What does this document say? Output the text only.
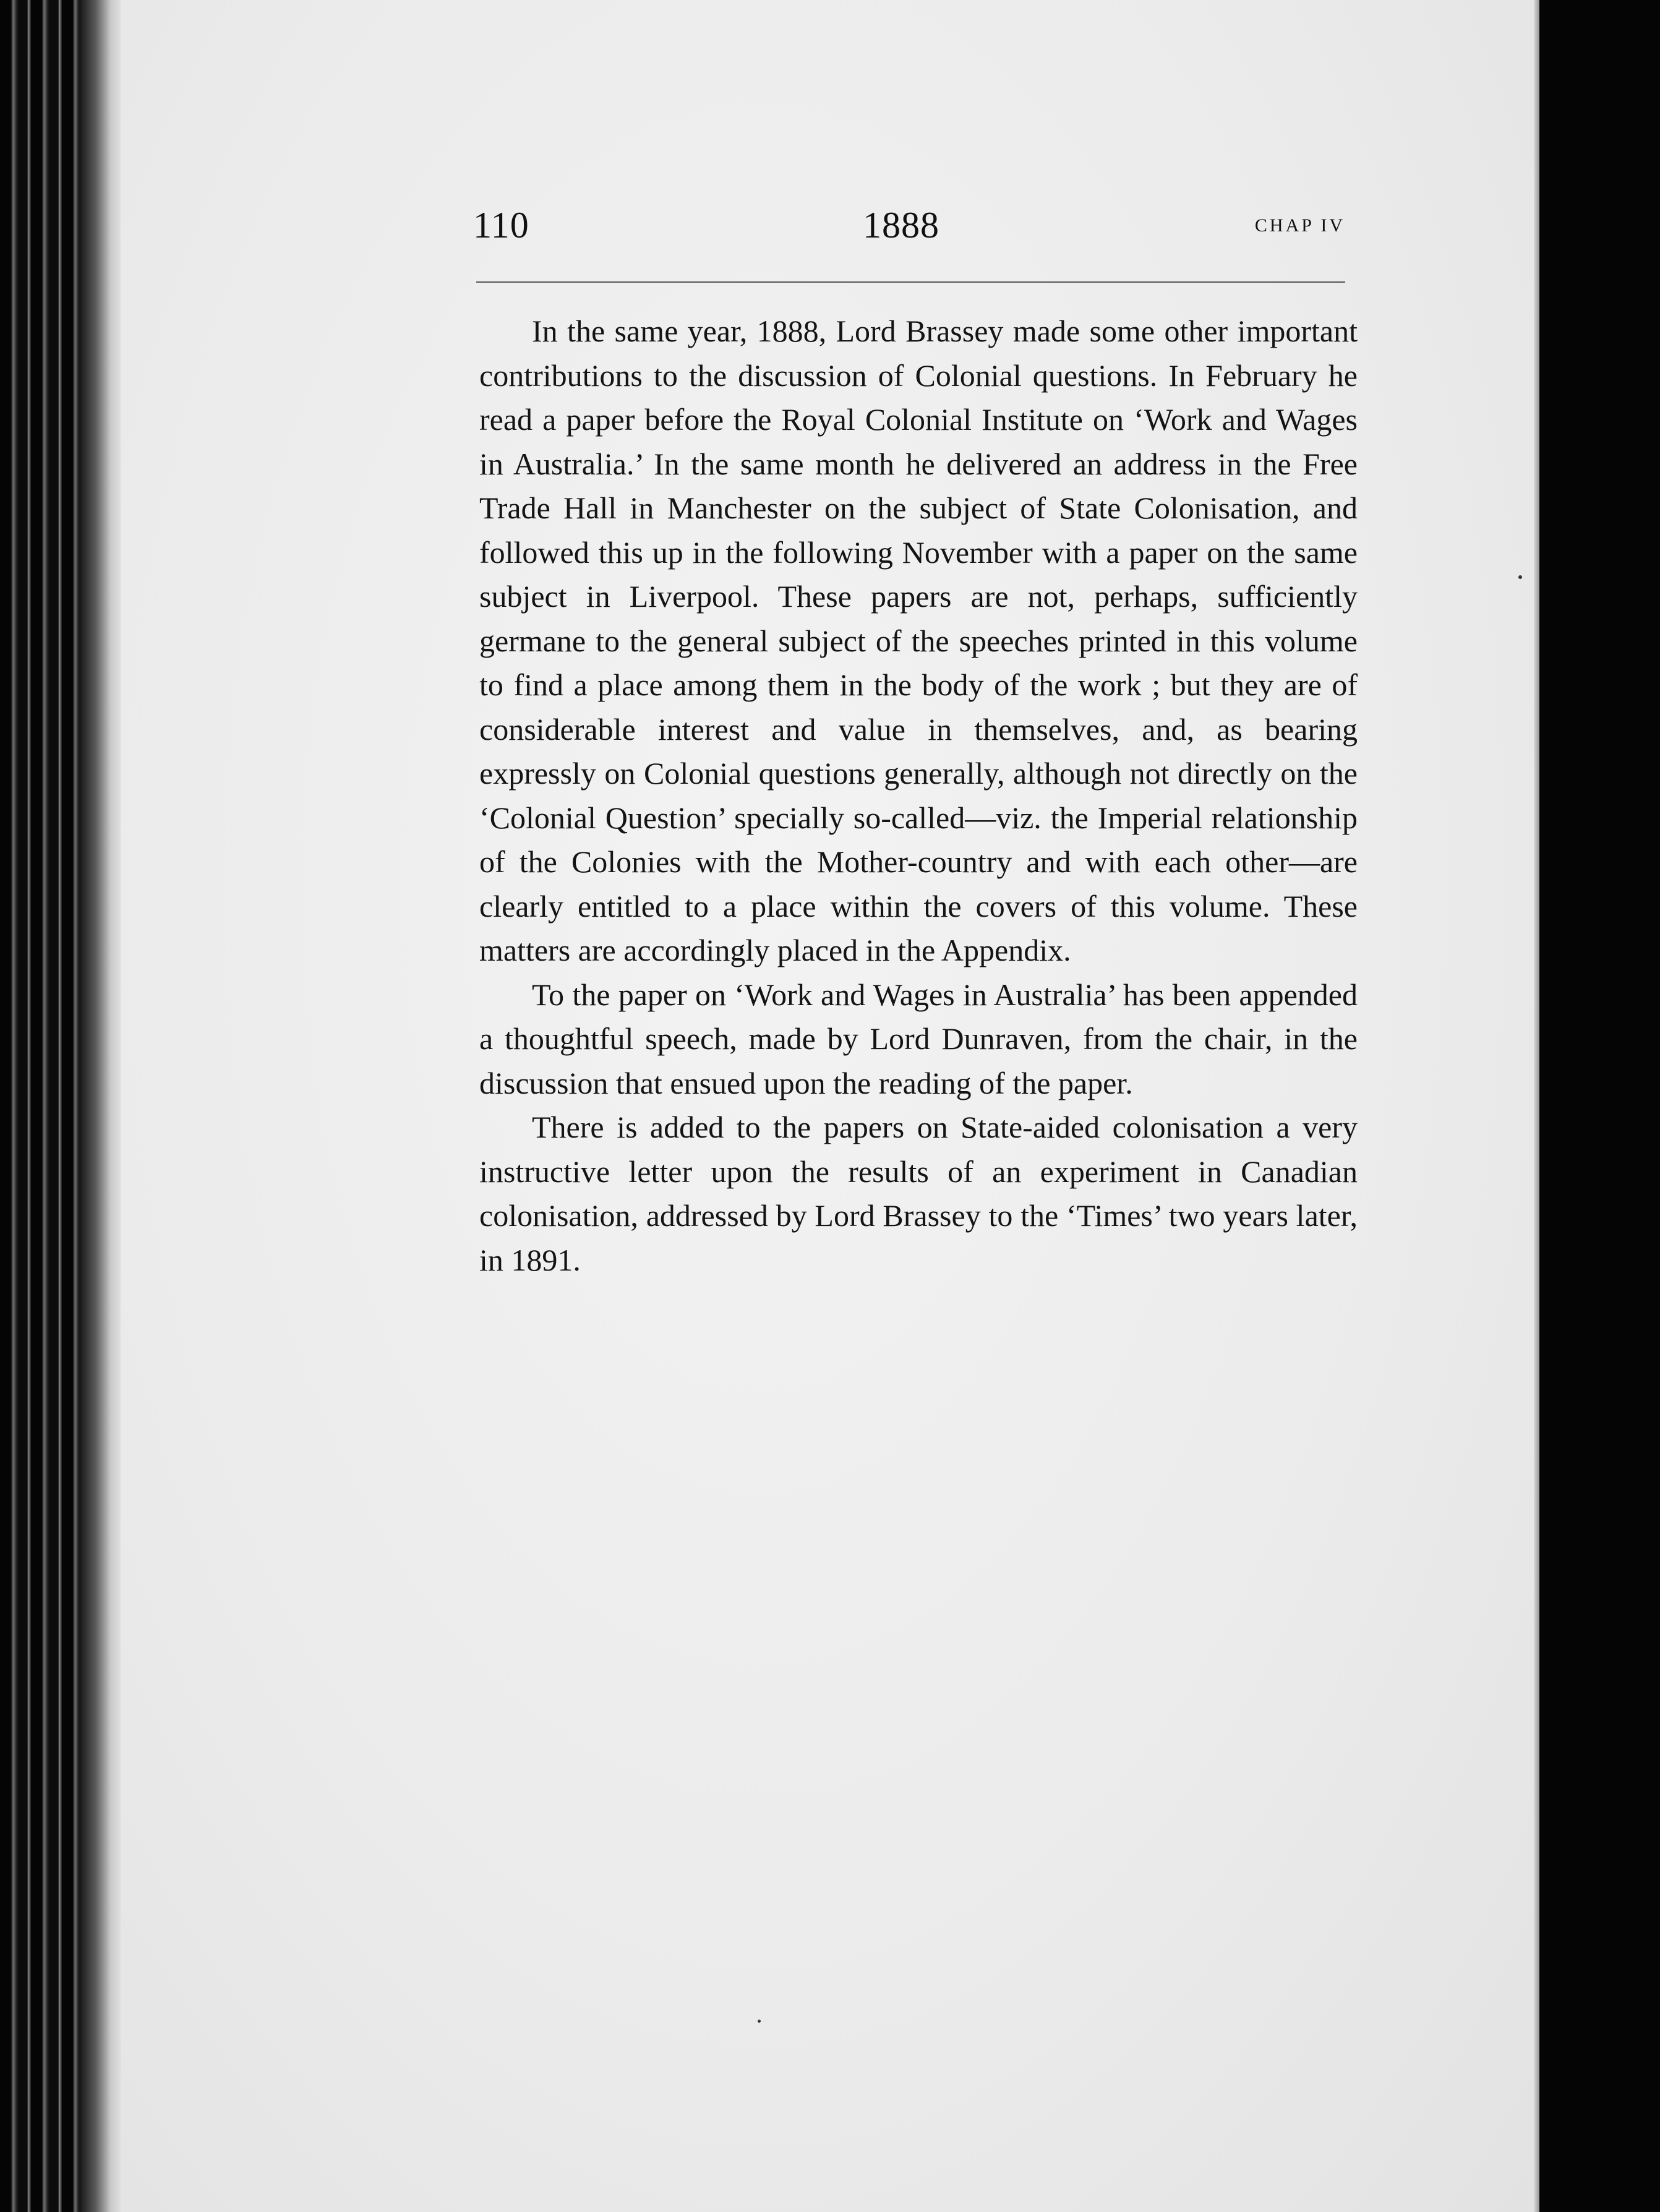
110	1888	CHAP IV

In the same year, 1888, Lord Brassey made some other important contributions to the discussion of Colonial questions. In February he read a paper before the Royal Colonial Institute on ‘Work and Wages in Australia.’ In the same month he delivered an address in the Free Trade Hall in Manchester on the subject of State Colonisation, and followed this up in the following November with a paper on the same subject in Liverpool. These papers are not, perhaps, sufficiently germane to the general subject of the speeches printed in this volume to find a place among them in the body of the work ; but they are of considerable interest and value in themselves, and, as bearing expressly on Colonial questions generally, although not directly on the ‘Colonial Question’ specially so-called—viz. the Imperial relationship of the Colonies with the Mother-country and with each other—are clearly entitled to a place within the covers of this volume. These matters are accordingly placed in the Appendix.

To the paper on ‘Work and Wages in Australia’ has been appended a thoughtful speech, made by Lord Dunraven, from the chair, in the discussion that ensued upon the reading of the paper.

There is added to the papers on State-aided colonisation a very instructive letter upon the results of an experiment in Canadian colonisation, addressed by Lord Brassey to the ‘Times’ two years later, in 1891.
